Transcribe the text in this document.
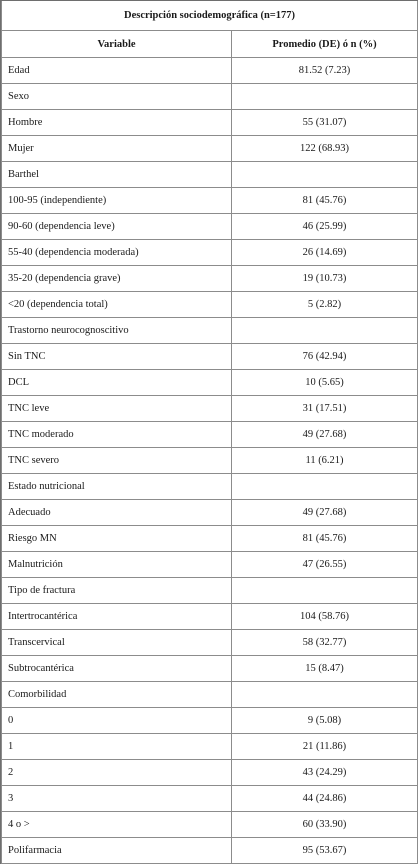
Descripción sociodemográfica (n=177)	
Variable	Promedio (DE) ó n (%)
Edad	81.52 (7.23)
Sexo	
Hombre	55 (31.07)
Mujer	122 (68.93)
Barthel	
100-95 (independiente)	81 (45.76)
90-60 (dependencia leve)	46 (25.99)
55-40 (dependencia moderada)	26 (14.69)
35-20 (dependencia grave)	19 (10.73)
<20 (dependencia total)	5 (2.82)
Trastorno neurocognoscitivo	
Sin TNC	76 (42.94)
DCL	10 (5.65)
TNC leve	31 (17.51)
TNC moderado	49 (27.68)
TNC severo	11 (6.21)
Estado nutricional	
Adecuado	49 (27.68)
Riesgo MN	81 (45.76)
Malnutrición	47 (26.55)
Tipo de fractura	
Intertrocantérica	104 (58.76)
Transcervical	58 (32.77)
Subtrocantérica	15 (8.47)
Comorbilidad	
0	9 (5.08)
1	21 (11.86)
2	43 (24.29)
3	44 (24.86)
4 o >	60 (33.90)
Polifarmacia	95 (53.67)
